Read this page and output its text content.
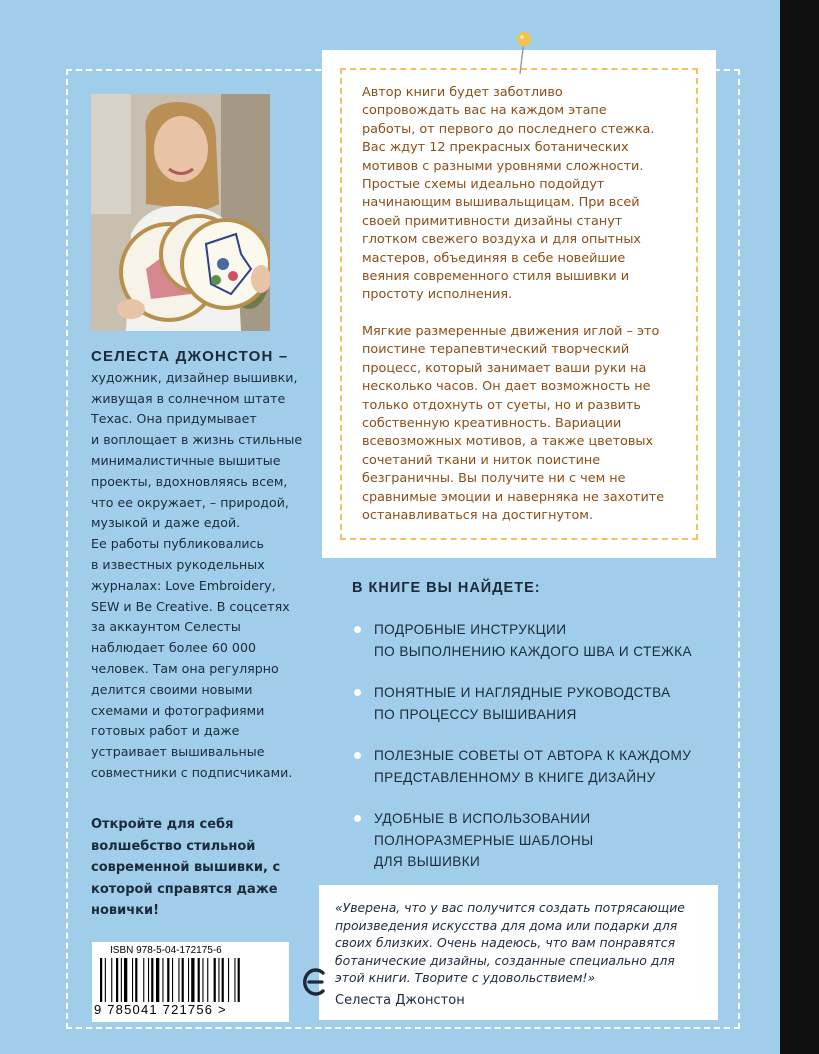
СЕЛЕСТА ДЖОНСТОН –
художник, дизайнер вышивки,
живущая в солнечном штате
Техас. Она придумывает
и воплощает в жизнь стильные
минималистичные вышитые
проекты, вдохновляясь всем,
что ее окружает, – природой,
музыкой и даже едой.
Ее работы публиковались
в известных рукодельных
журналах: Love Embroidery,
SEW и Be Creative. В соцсетях
за аккаунтом Селесты
наблюдает более 60 000
человек. Там она регулярно
делится своими новыми
схемами и фотографиями
готовых работ и даже
устраивает вышивальные
совместники с подписчиками.
Откройте для себя
волшебство стильной
современной вышивки, с
которой справятся даже
новички!

Автор книги будет заботливо
сопровождать вас на каждом этапе
работы, от первого до последнего стежка.
Вас ждут 12 прекрасных ботанических
мотивов с разными уровнями сложности.
Простые схемы идеально подойдут
начинающим вышивальщицам. При всей
своей примитивности дизайны станут
глотком свежего воздуха и для опытных
мастеров, объединяя в себе новейшие
веяния современного стиля вышивки и
простоту исполнения.

Мягкие размеренные движения иглой – это
поистине терапевтический творческий
процесс, который занимает ваши руки на
несколько часов. Он дает возможность не
только отдохнуть от суеты, но и развить
собственную креативность. Вариации
всевозможных мотивов, а также цветовых
сочетаний ткани и ниток поистине
безграничны. Вы получите ни с чем не
сравнимые эмоции и наверняка не захотите
останавливаться на достигнутом.

В КНИГЕ ВЫ НАЙДЕТЕ:
ПОДРОБНЫЕ ИНСТРУКЦИИ
ПО ВЫПОЛНЕНИЮ КАЖДОГО ШВА И СТЕЖКА
ПОНЯТНЫЕ И НАГЛЯДНЫЕ РУКОВОДСТВА
ПО ПРОЦЕССУ ВЫШИВАНИЯ
ПОЛЕЗНЫЕ СОВЕТЫ ОТ АВТОРА К КАЖДОМУ
ПРЕДСТАВЛЕННОМУ В КНИГЕ ДИЗАЙНУ
УДОБНЫЕ В ИСПОЛЬЗОВАНИИ
ПОЛНОРАЗМЕРНЫЕ ШАБЛОНЫ
ДЛЯ ВЫШИВКИ
«Уверена, что у вас получится создать потрясающие
произведения искусства для дома или подарки для
своих близких. Очень надеюсь, что вам понравятся
ботанические дизайны, созданные специально для
этой книги. Творите с удовольствием!»
Селеста Джонстон
ISBN 978-5-04-172175-6
9 785041 721756 >
